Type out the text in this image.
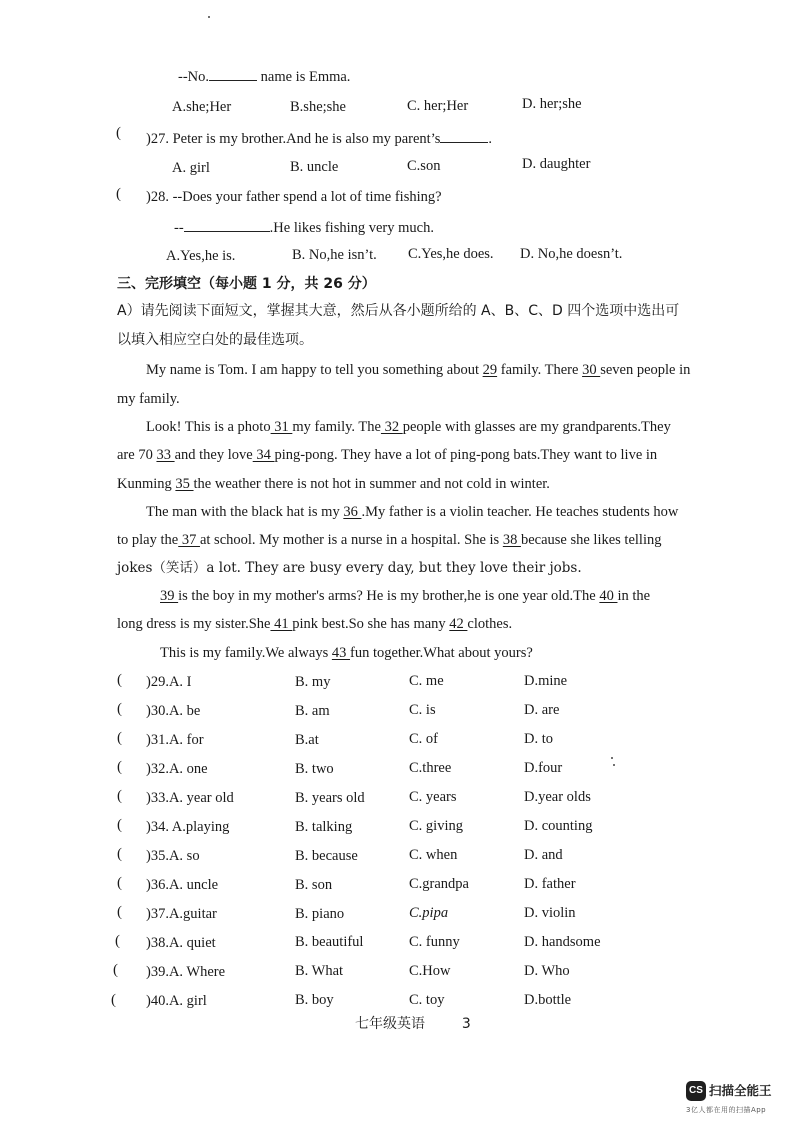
--No.	name is Emma.
A.she;Her	B.she;she	C. her;Her	D. her;she
( )27. Peter is my brother.And he is also my parent’s	.
A. girl	B. uncle	C.son	D. daughter
( )28. --Does your father spend a lot of time fishing?
--	.He likes fishing very much.
A.Yes,he is.	B. No,he isn’t. C.Yes,he does. D. No,he doesn’t.
三、完形填空（每小题 1 分，共 26 分）
A）请先阅读下面短文，掌握其大意，然后从各小题所给的 A、B、C、D 四个选项中选出可
以填入相应空白处的最佳选项。
My name is Tom. I am happy to tell you something about 29 family. There 30 seven people in
my family.
Look! This is a photo 31 my family. The 32 people with glasses are my grandparents.They
are 70 33 and they love 34 ping-pong. They have a lot of ping-pong bats.They want to live in
Kunming 35 the weather there is not hot in summer and not cold in winter.
The man with the black hat is my 36 .My father is a violin teacher. He teaches students how
to play the 37 at school. My mother is a nurse in a hospital. She is 38 because she likes telling
jokes（笑话）a lot. They are busy every day, but they love their jobs.
39 is the boy in my mother's arms? He is my brother,he is one year old.The 40 in the
long dress is my sister.She 41 pink best.So she has many 42 clothes.
This is my family.We always 43 fun together.What about yours?
( )29.A. I	B. my	C. me	D.mine
( )30.A. be	B. am	C. is	D. are
( )31.A. for	B.at	C. of	D. to
( )32.A. one	B. two	C.three	D.four
( )33.A. year old	B. years old	C. years	D.year olds
( )34. A.playing	B. talking	C. giving	D. counting
( )35.A. so	B. because	C. when	D. and
( )36.A. uncle	B. son	C.grandpa	D. father
( )37.A.guitar	B. piano	C.pipa	D. violin
( )38.A. quiet	B. beautiful	C. funny	D. handsome
( )39.A. Where	B. What	C.How	D. Who
( )40.A. girl	B. boy	C. toy	D.bottle
七年级英语	3
CS 扫描全能王
3亿人都在用的扫描App
